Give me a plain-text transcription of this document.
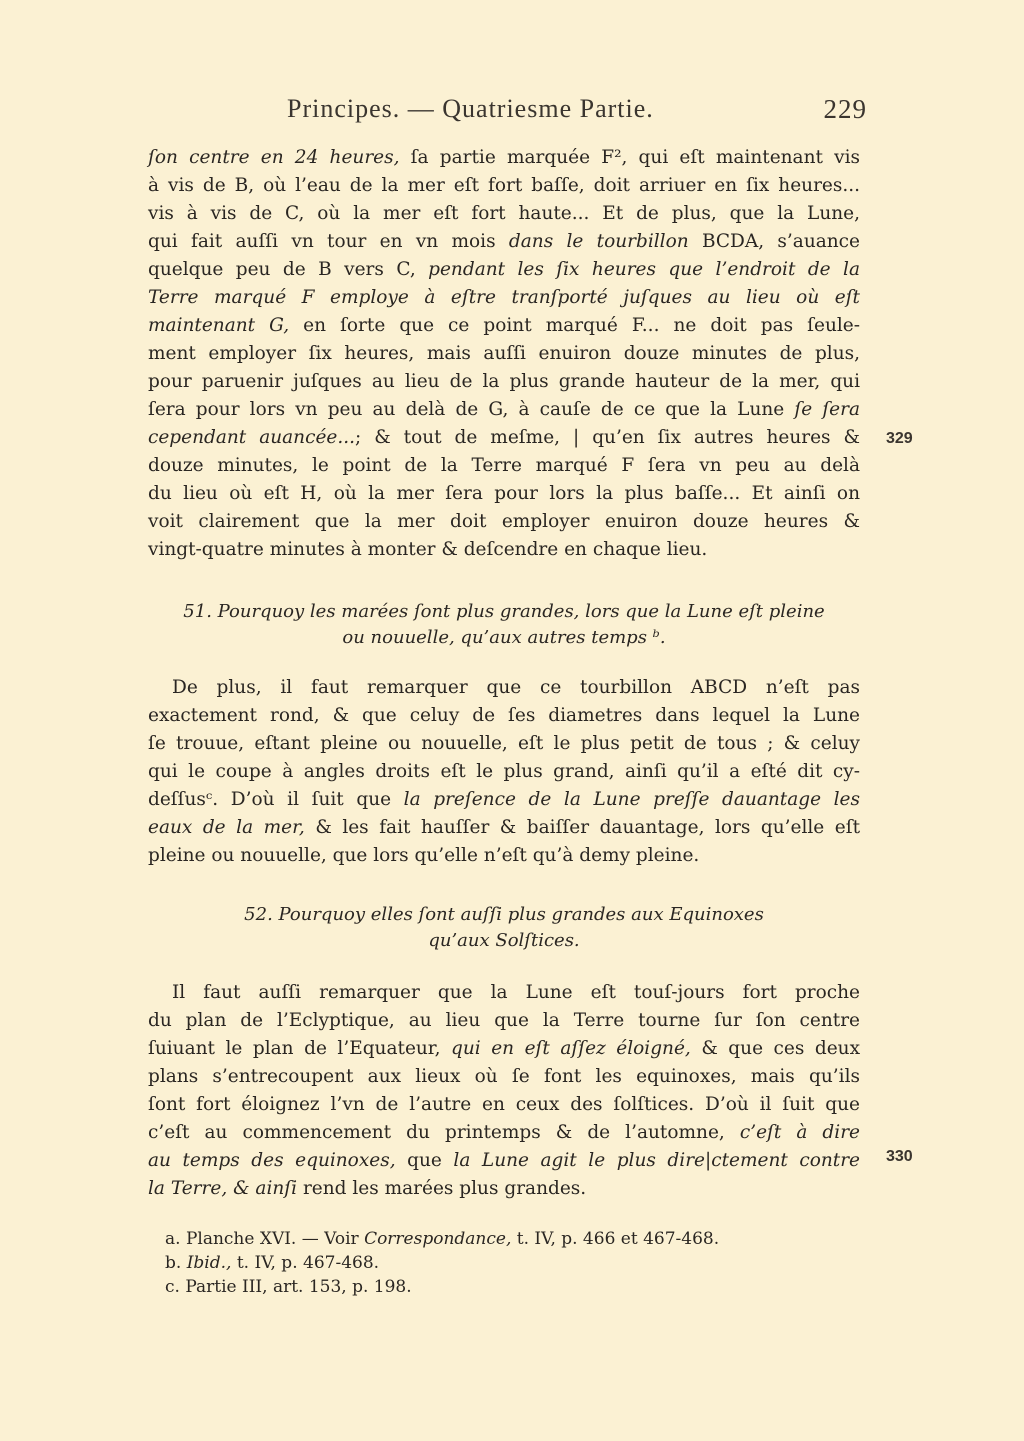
Principes. — Quatriesme Partie.	229
ſon centre en 24 heures, ſa partie marquée F², qui eſt maintenant vis
à vis de B, où l’eau de la mer eſt fort baſſe, doit arriuer en ſix heures...
vis à vis de C, où la mer eſt fort haute... Et de plus, que la Lune,
qui fait auſſi vn tour en vn mois dans le tourbillon BCDA, s’auance
quelque peu de B vers C, pendant les ſix heures que l’endroit de la
Terre marqué F employe à eſtre tranſporté juſques au lieu où eſt
maintenant G, en ſorte que ce point marqué F... ne doit pas ſeule-
ment employer ſix heures, mais auſſi enuiron douze minutes de plus,
pour paruenir juſques au lieu de la plus grande hauteur de la mer, qui
ſera pour lors vn peu au delà de G, à cauſe de ce que la Lune ſe ſera
cependant auancée...; & tout de meſme, | qu’en ſix autres heures &
douze minutes, le point de la Terre marqué F ſera vn peu au delà
du lieu où eſt H, où la mer ſera pour lors la plus baſſe... Et ainſi on
voit clairement que la mer doit employer enuiron douze heures &
vingt-quatre minutes à monter & deſcendre en chaque lieu.
329
51. Pourquoy les marées ſont plus grandes, lors que la Lune eſt pleine
ou nouuelle, qu’aux autres temps ᵇ.
De plus, il faut remarquer que ce tourbillon ABCD n’eſt pas
exactement rond, & que celuy de ſes diametres dans lequel la Lune
ſe trouue, eſtant pleine ou nouuelle, eſt le plus petit de tous ; & celuy
qui le coupe à angles droits eſt le plus grand, ainſi qu’il a eſté dit cy-
deſſusᶜ. D’où il ſuit que la preſence de la Lune preſſe dauantage les
eaux de la mer, & les fait hauſſer & baiſſer dauantage, lors qu’elle eſt
pleine ou nouuelle, que lors qu’elle n’eſt qu’à demy pleine.
52. Pourquoy elles ſont auſſi plus grandes aux Equinoxes
qu’aux Solſtices.
Il faut auſſi remarquer que la Lune eſt touſ-jours fort proche
du plan de l’Eclyptique, au lieu que la Terre tourne ſur ſon centre
ſuiuant le plan de l’Equateur, qui en eſt aſſez éloigné, & que ces deux
plans s’entrecoupent aux lieux où ſe font les equinoxes, mais qu’ils
ſont fort éloignez l’vn de l’autre en ceux des ſolſtices. D’où il ſuit que
c’eſt au commencement du printemps & de l’automne, c’eſt à dire
au temps des equinoxes, que la Lune agit le plus dire|ctement contre
la Terre, & ainſi rend les marées plus grandes.
330
a. Planche XVI. — Voir Correspondance, t. IV, p. 466 et 467-468.
b. Ibid., t. IV, p. 467-468.
c. Partie III, art. 153, p. 198.
